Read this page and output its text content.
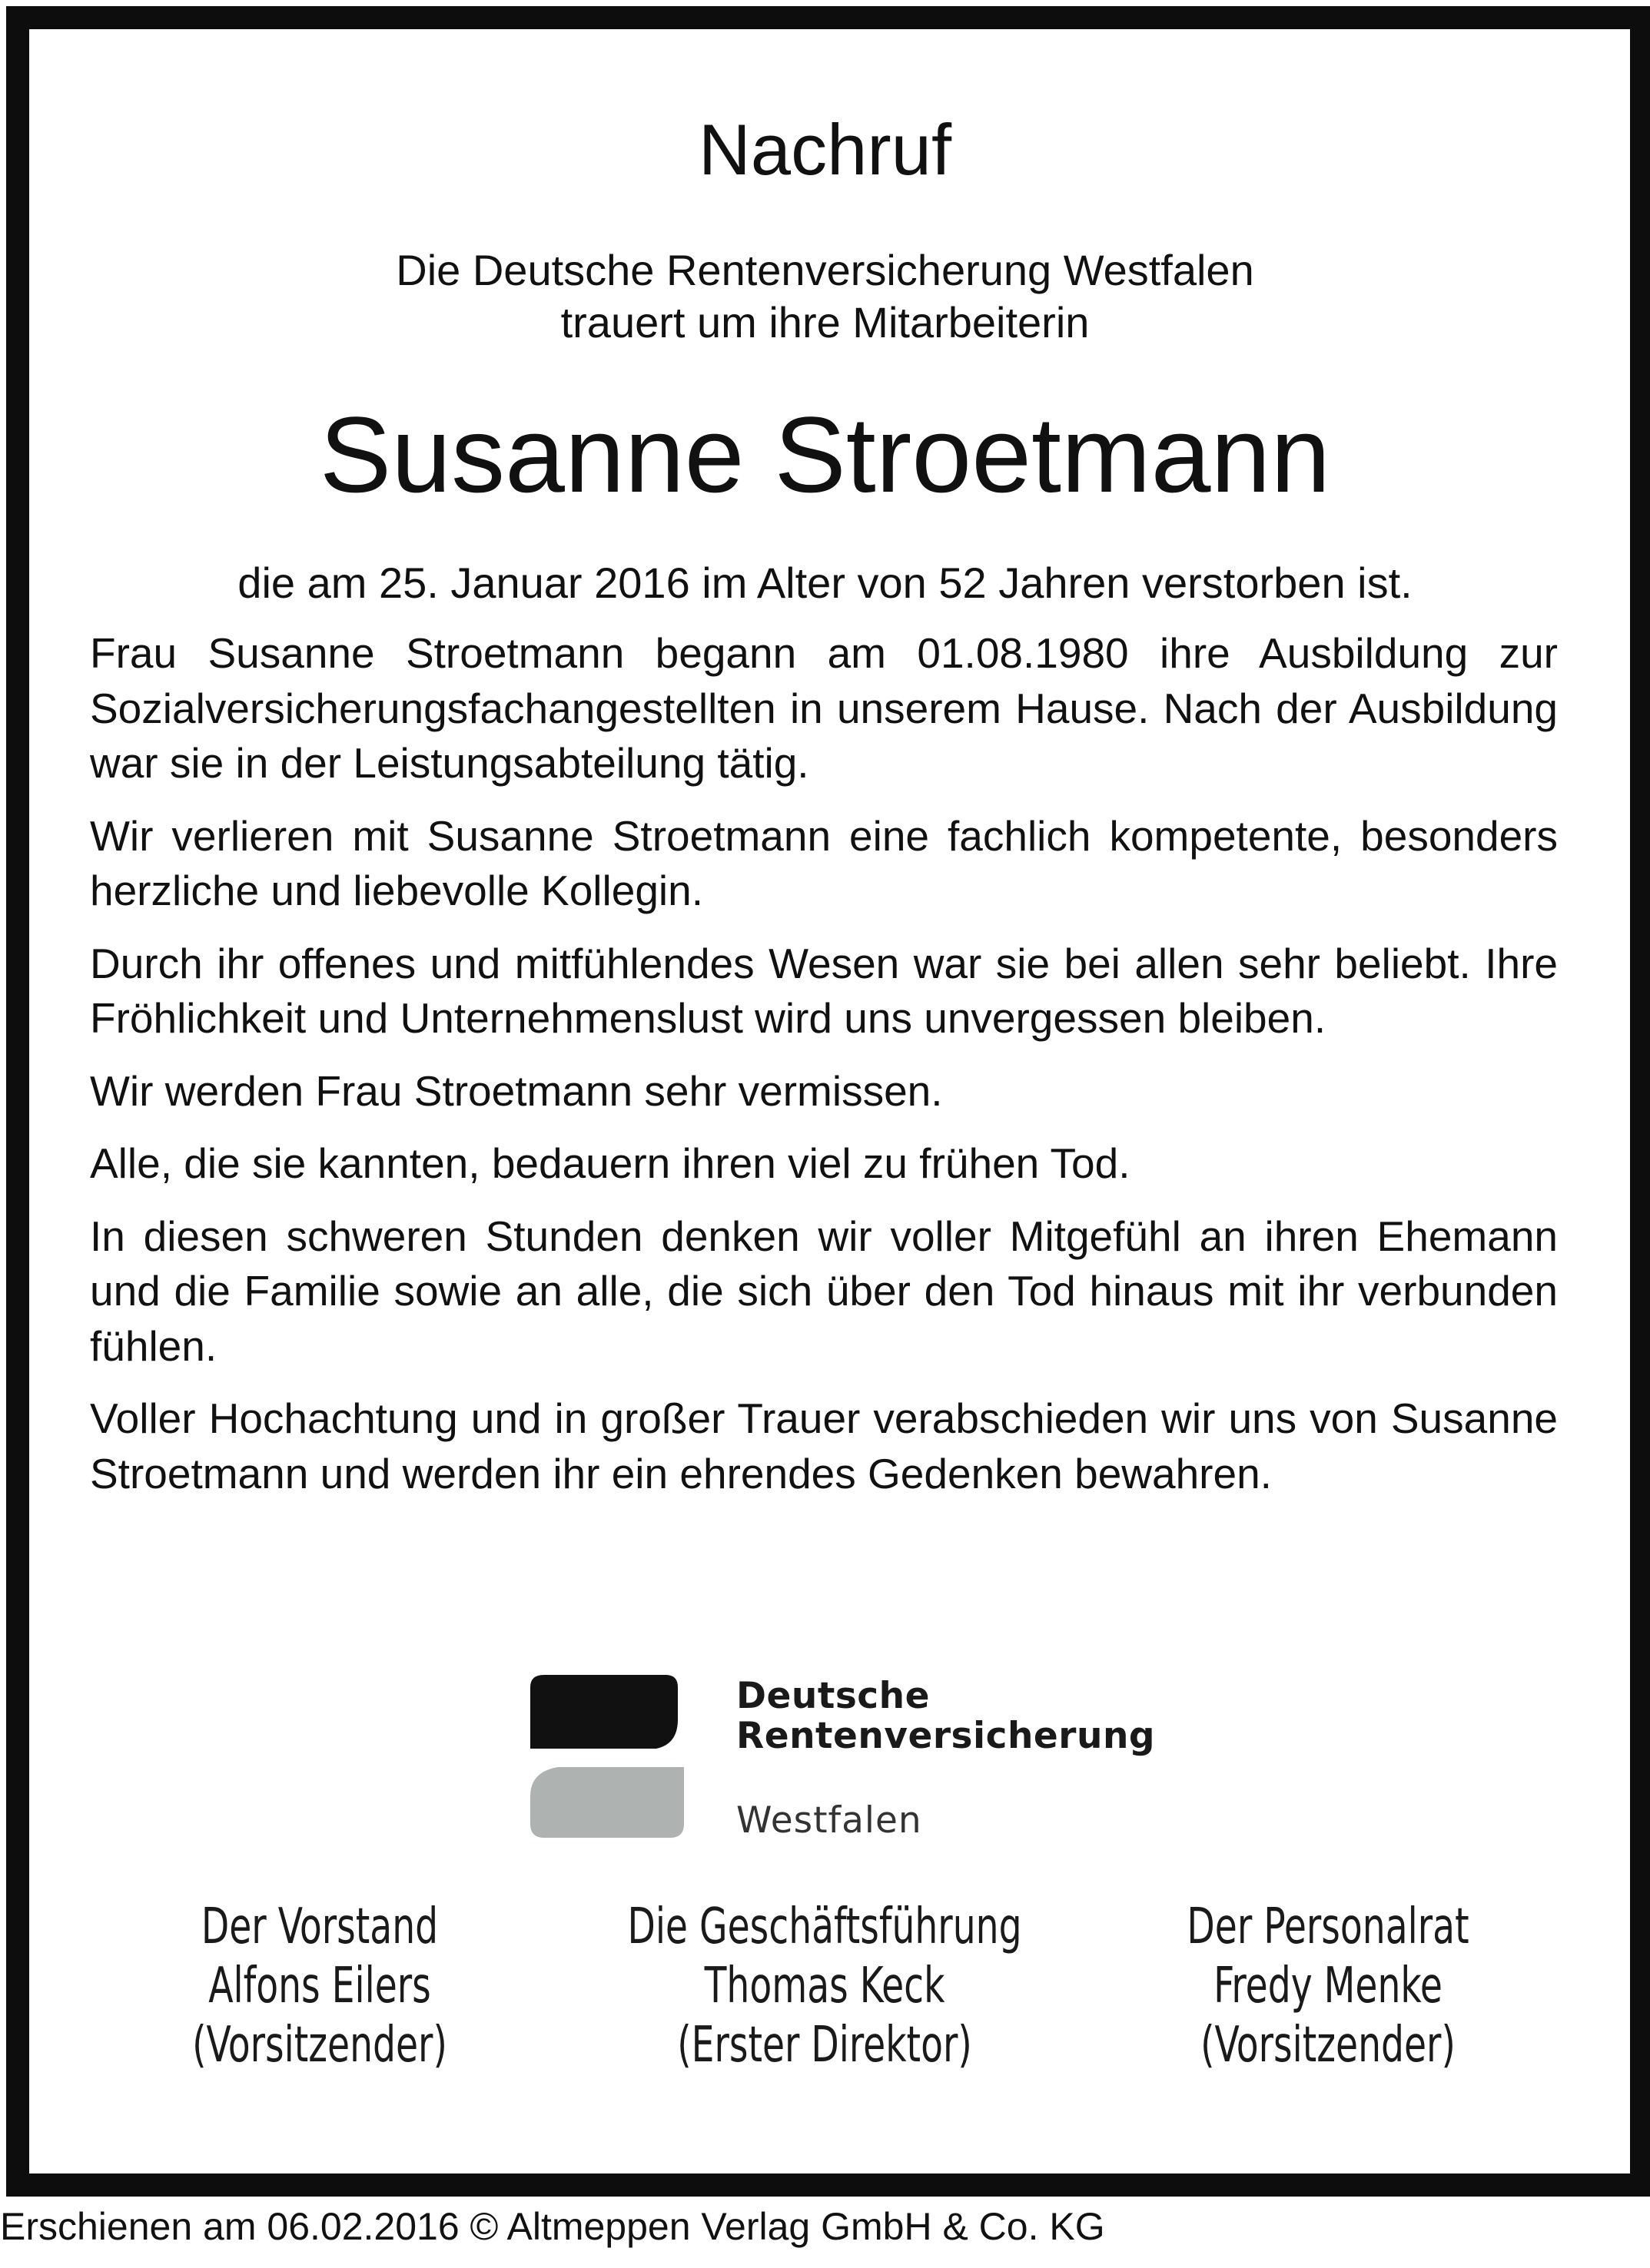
Nachruf
Die Deutsche Rentenversicherung Westfalen
trauert um ihre Mitarbeiterin
Susanne Stroetmann
die am 25. Januar 2016 im Alter von 52 Jahren verstorben ist.

Frau Susanne Stroetmann begann am 01.08.1980 ihre Ausbildung zur Sozialversicherungsfachangestellten in unserem Hause. Nach der Ausbildung war sie in der Leistungsabteilung tätig.

Wir verlieren mit Susanne Stroetmann eine fachlich kompetente, besonders herzliche und liebevolle Kollegin.

Durch ihr offenes und mitfühlendes Wesen war sie bei allen sehr beliebt. Ihre Fröhlichkeit und Unternehmenslust wird uns unvergessen bleiben.

Wir werden Frau Stroetmann sehr vermissen.

Alle, die sie kannten, bedauern ihren viel zu frühen Tod.

In diesen schweren Stunden denken wir voller Mitgefühl an ihren Ehemann und die Familie sowie an alle, die sich über den Tod hinaus mit ihr verbunden fühlen.

Voller Hochachtung und in großer Trauer verabschieden wir uns von Susanne Stroetmann und werden ihr ein ehrendes Gedenken bewahren.

Deutsche
Rentenversicherung
Westfalen
Der Vorstand
Alfons Eilers
(Vorsitzender)
Die Geschäftsführung
Thomas Keck
(Erster Direktor)
Der Personalrat
Fredy Menke
(Vorsitzender)
Erschienen am 06.02.2016 © Altmeppen Verlag GmbH & Co. KG
